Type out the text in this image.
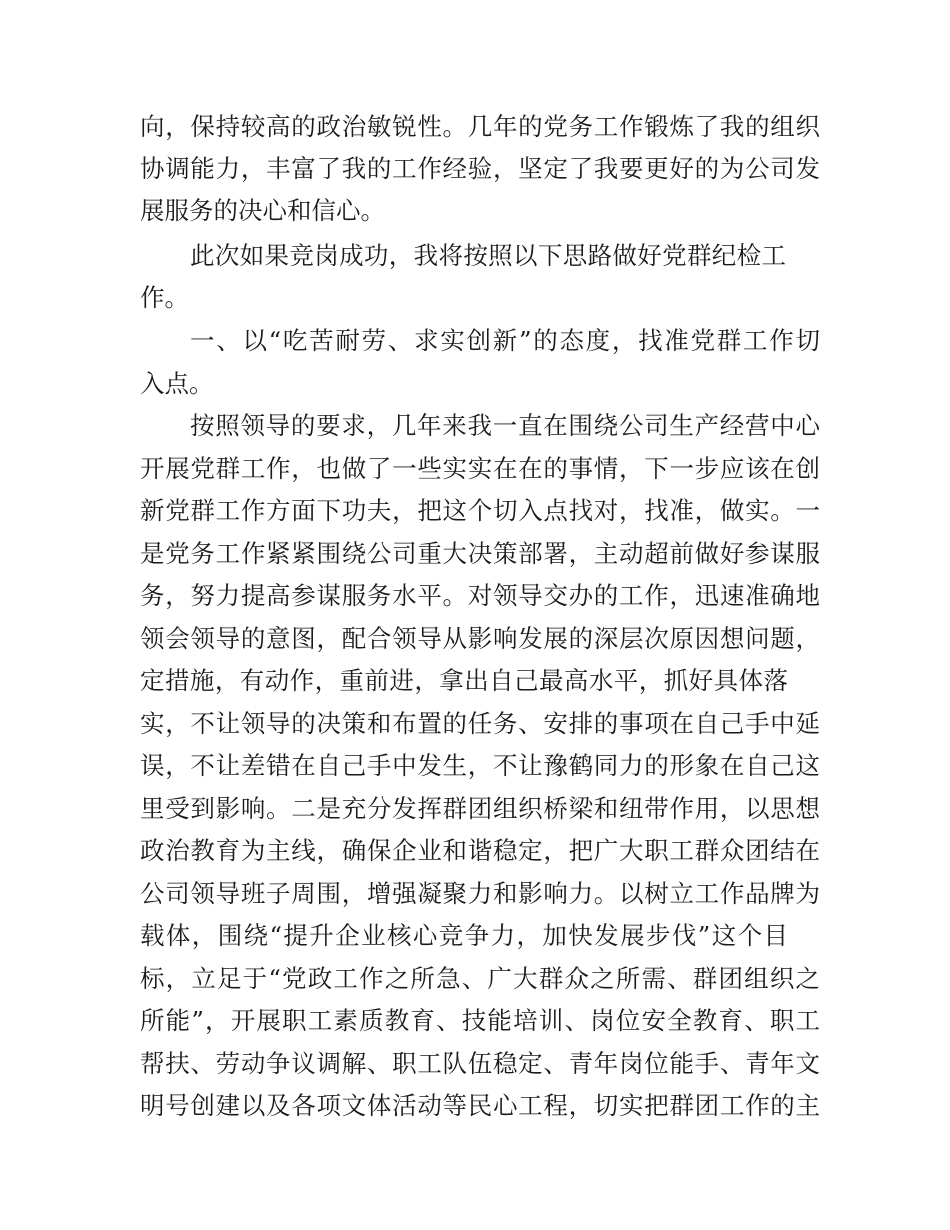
向，保持较高的政治敏锐性。几年的党务工作锻炼了我的组织
协调能力，丰富了我的工作经验，坚定了我要更好的为公司发
展服务的决心和信心。
此次如果竞岗成功，我将按照以下思路做好党群纪检工
作。
一、以“吃苦耐劳、求实创新”的态度，找准党群工作切
入点。
按照领导的要求，几年来我一直在围绕公司生产经营中心
开展党群工作，也做了一些实实在在的事情，下一步应该在创
新党群工作方面下功夫，把这个切入点找对，找准，做实。一
是党务工作紧紧围绕公司重大决策部署，主动超前做好参谋服
务，努力提高参谋服务水平。对领导交办的工作，迅速准确地
领会领导的意图，配合领导从影响发展的深层次原因想问题，
定措施，有动作，重前进，拿出自己最高水平，抓好具体落
实，不让领导的决策和布置的任务、安排的事项在自己手中延
误，不让差错在自己手中发生，不让豫鹤同力的形象在自己这
里受到影响。二是充分发挥群团组织桥梁和纽带作用，以思想
政治教育为主线，确保企业和谐稳定，把广大职工群众团结在
公司领导班子周围，增强凝聚力和影响力。以树立工作品牌为
载体，围绕“提升企业核心竞争力，加快发展步伐”这个目
标，立足于“党政工作之所急、广大群众之所需、群团组织之
所能”，开展职工素质教育、技能培训、岗位安全教育、职工
帮扶、劳动争议调解、职工队伍稳定、青年岗位能手、青年文
明号创建以及各项文体活动等民心工程，切实把群团工作的主
